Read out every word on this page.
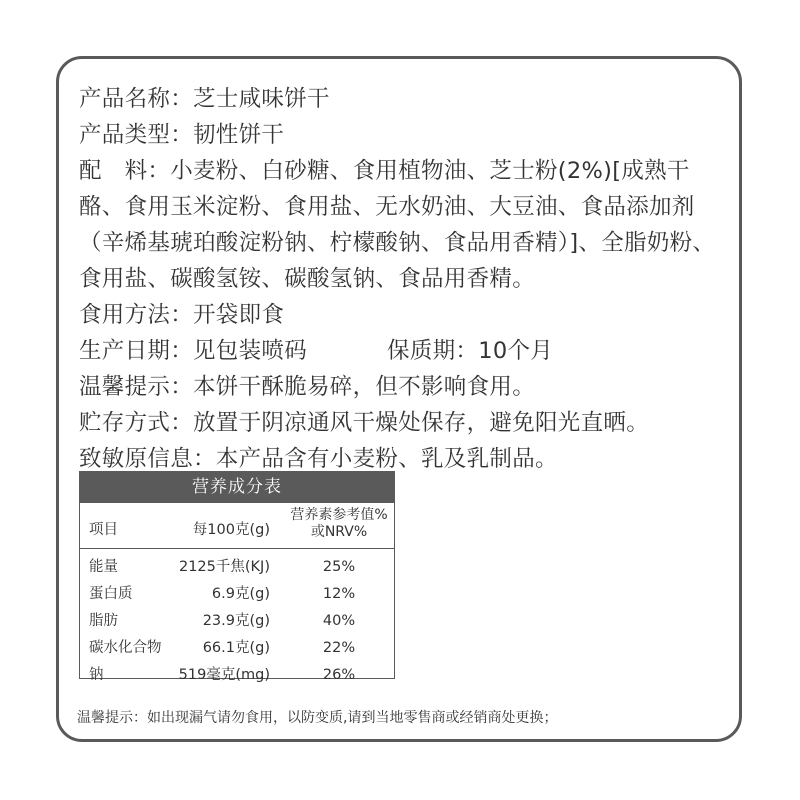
产品名称：芝士咸味饼干
产品类型：韧性饼干
配　料：小麦粉、白砂糖、食用植物油、芝士粉(2%)[成熟干酪、食用玉米淀粉、食用盐、无水奶油、大豆油、食品添加剂（辛烯基琥珀酸淀粉钠、柠檬酸钠、食品用香精）]、全脂奶粉、食用盐、碳酸氢铵、碳酸氢钠、食品用香精。
食用方法：开袋即食
生产日期：见包装喷码	保质期：10个月
温馨提示：本饼干酥脆易碎，但不影响食用。
贮存方式：放置于阴凉通风干燥处保存，避免阳光直晒。
致敏原信息：本产品含有小麦粉、乳及乳制品。
营养成分表
项目	每100克(g)
营养素参考值%
或NRV%
能量	2125千焦(KJ)	25%
蛋白质	6.9克(g)	12%
脂肪	23.9克(g)	40%
碳水化合物	66.1克(g)	22%
钠	519毫克(mg)	26%
温馨提示：如出现漏气请勿食用，以防变质,请到当地零售商或经销商处更换；
